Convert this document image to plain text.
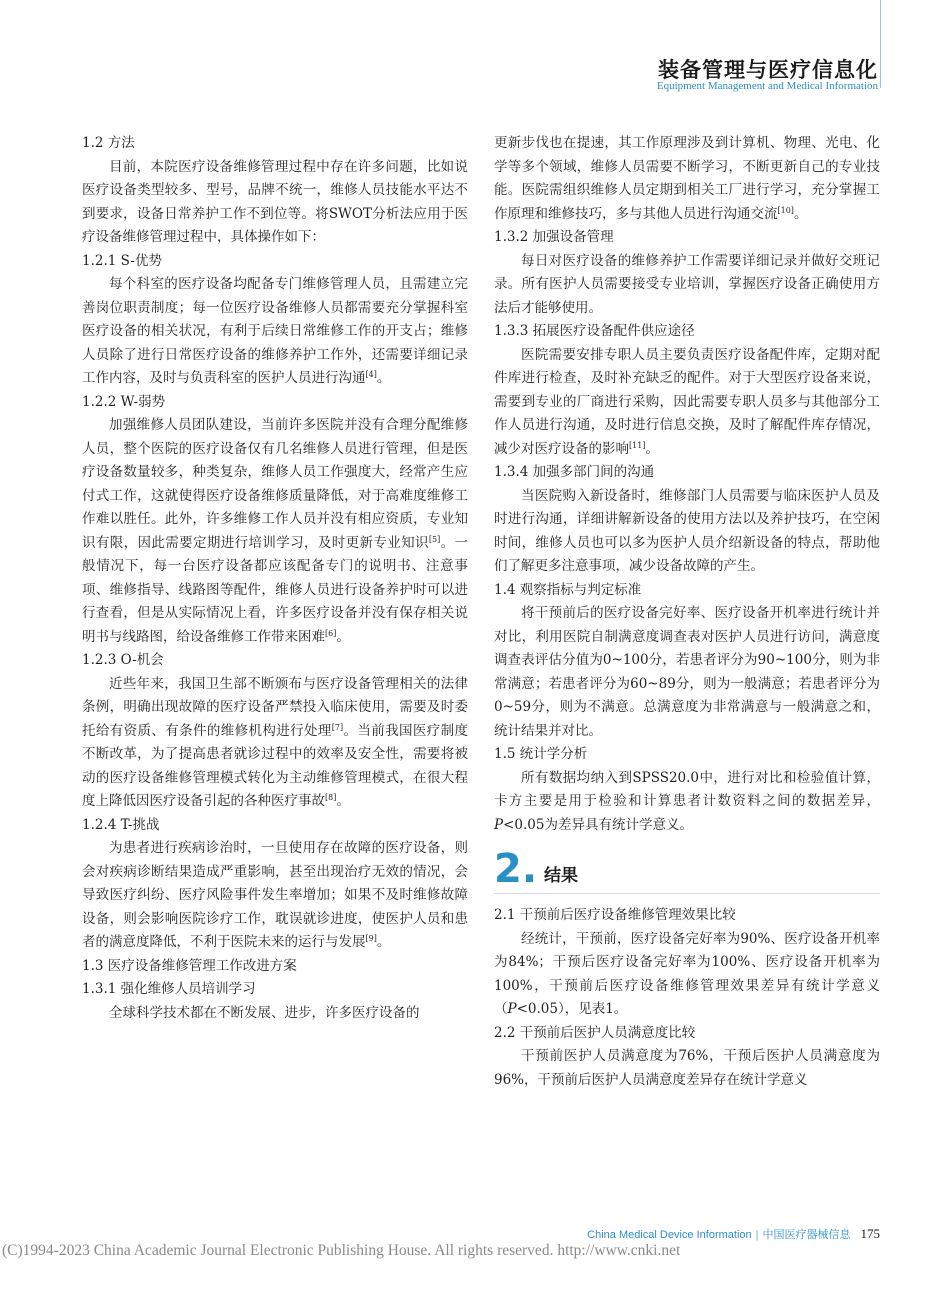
装备管理与医疗信息化
Equipment Management and Medical Information

1.2 方法

目前，本院医疗设备维修管理过程中存在许多问题，比如说医疗设备类型较多、型号，品牌不统一，维修人员技能水平达不到要求，设备日常养护工作不到位等。将SWOT分析法应用于医疗设备维修管理过程中，具体操作如下：

1.2.1 S-优势

每个科室的医疗设备均配备专门维修管理人员，且需建立完善岗位职责制度；每一位医疗设备维修人员都需要充分掌握科室医疗设备的相关状况，有利于后续日常维修工作的开支占；维修人员除了进行日常医疗设备的维修养护工作外，还需要详细记录工作内容，及时与负责科室的医护人员进行沟通[4]。

1.2.2 W-弱势

加强维修人员团队建设，当前许多医院并没有合理分配维修人员，整个医院的医疗设备仅有几名维修人员进行管理，但是医疗设备数量较多，种类复杂，维修人员工作强度大，经常产生应付式工作，这就使得医疗设备维修质量降低，对于高难度维修工作难以胜任。此外，许多维修工作人员并没有相应资质，专业知识有限，因此需要定期进行培训学习，及时更新专业知识[5]。一般情况下，每一台医疗设备都应该配备专门的说明书、注意事项、维修指导、线路图等配件，维修人员进行设备养护时可以进行查看，但是从实际情况上看，许多医疗设备并没有保存相关说明书与线路图，给设备维修工作带来困难[6]。

1.2.3 O-机会

近些年来，我国卫生部不断颁布与医疗设备管理相关的法律条例，明确出现故障的医疗设备严禁投入临床使用，需要及时委托给有资质、有条件的维修机构进行处理[7]。当前我国医疗制度不断改革，为了提高患者就诊过程中的效率及安全性，需要将被动的医疗设备维修管理模式转化为主动维修管理模式，在很大程度上降低因医疗设备引起的各种医疗事故[8]。

1.2.4 T-挑战

为患者进行疾病诊治时，一旦使用存在故障的医疗设备，则会对疾病诊断结果造成严重影响，甚至出现治疗无效的情况，会导致医疗纠纷、医疗风险事件发生率增加；如果不及时维修故障设备，则会影响医院诊疗工作，耽误就诊进度，使医护人员和患者的满意度降低，不利于医院未来的运行与发展[9]。

1.3 医疗设备维修管理工作改进方案

1.3.1 强化维修人员培训学习

全球科学技术都在不断发展、进步，许多医疗设备的

更新步伐也在提速，其工作原理涉及到计算机、物理、光电、化学等多个领域，维修人员需要不断学习，不断更新自己的专业技能。医院需组织维修人员定期到相关工厂进行学习，充分掌握工作原理和维修技巧，多与其他人员进行沟通交流[10]。

1.3.2 加强设备管理

每日对医疗设备的维修养护工作需要详细记录并做好交班记录。所有医护人员需要接受专业培训，掌握医疗设备正确使用方法后才能够使用。

1.3.3 拓展医疗设备配件供应途径

医院需要安排专职人员主要负责医疗设备配件库，定期对配件库进行检查，及时补充缺乏的配件。对于大型医疗设备来说，需要到专业的厂商进行采购，因此需要专职人员多与其他部分工作人员进行沟通，及时进行信息交换，及时了解配件库存情况，减少对医疗设备的影响[11]。

1.3.4 加强多部门间的沟通

当医院购入新设备时，维修部门人员需要与临床医护人员及时进行沟通，详细讲解新设备的使用方法以及养护技巧，在空闲时间，维修人员也可以多为医护人员介绍新设备的特点，帮助他们了解更多注意事项，减少设备故障的产生。

1.4 观察指标与判定标准

将干预前后的医疗设备完好率、医疗设备开机率进行统计并对比，利用医院自制满意度调查表对医护人员进行访问，满意度调查表评估分值为0~100分，若患者评分为90~100分，则为非常满意；若患者评分为60~89分，则为一般满意；若患者评分为0~59分，则为不满意。总满意度为非常满意与一般满意之和，统计结果并对比。

1.5 统计学分析

所有数据均纳入到SPSS20.0中，进行对比和检验值计算，卡方主要是用于检验和计算患者计数资料之间的数据差异，P<0.05为差异具有统计学意义。

2. 结果

2.1 干预前后医疗设备维修管理效果比较

经统计，干预前，医疗设备完好率为90%、医疗设备开机率为84%；干预后医疗设备完好率为100%、医疗设备开机率为100%，干预前后医疗设备维修管理效果差异有统计学意义（P<0.05），见表1。

2.2 干预前后医护人员满意度比较

干预前医护人员满意度为76%，干预后医护人员满意度为96%，干预前后医护人员满意度差异存在统计学意义

China Medical Device Information | 中国医疗器械信息 175
(C)1994-2023 China Academic Journal Electronic Publishing House. All rights reserved. http://www.cnki.net
